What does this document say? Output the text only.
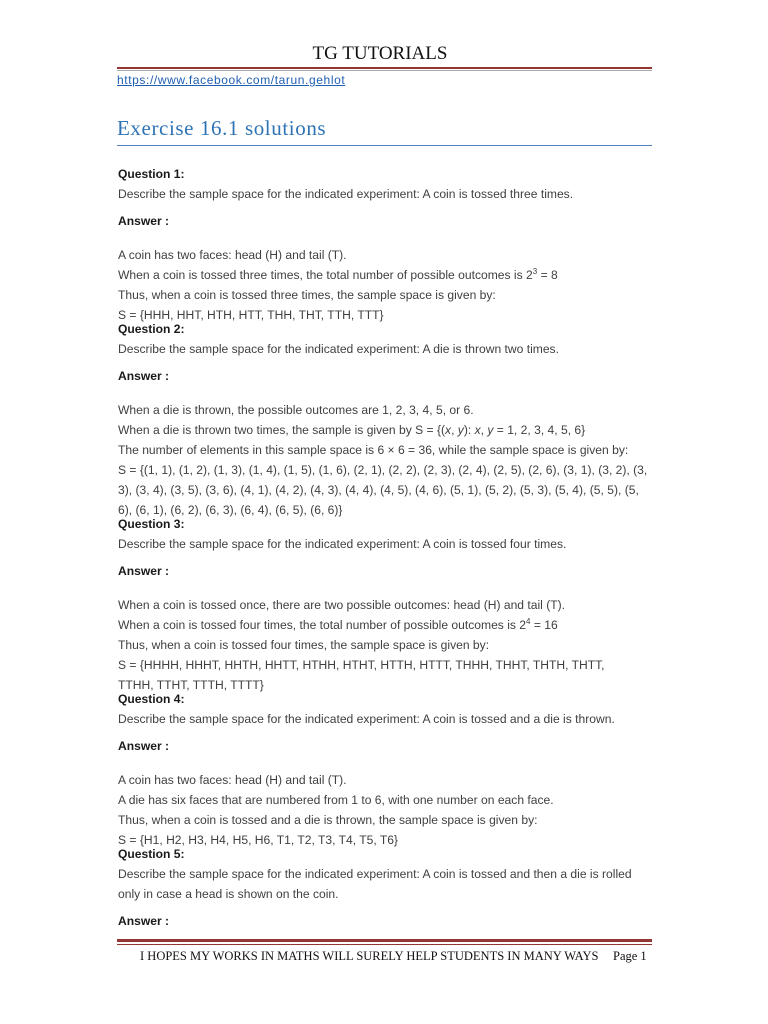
TG TUTORIALS
https://www.facebook.com/tarun.gehlot
Exercise 16.1 solutions
Question 1:
Describe the sample space for the indicated experiment: A coin is tossed three times.
Answer :
A coin has two faces: head (H) and tail (T).
When a coin is tossed three times, the total number of possible outcomes is $2^3 = 8$
Thus, when a coin is tossed three times, the sample space is given by:
S = {HHH, HHT, HTH, HTT, THH, THT, TTH, TTT}
Question 2:
Describe the sample space for the indicated experiment: A die is thrown two times.
Answer :
When a die is thrown, the possible outcomes are 1, 2, 3, 4, 5, or 6.
When a die is thrown two times, the sample is given by S = {(x, y): x, y = 1, 2, 3, 4, 5, 6}
The number of elements in this sample space is 6 × 6 = 36, while the sample space is given by:
S = {(1, 1), (1, 2), (1, 3), (1, 4), (1, 5), (1, 6), (2, 1), (2, 2), (2, 3), (2, 4), (2, 5), (2, 6), (3, 1), (3, 2), (3, 3), (3, 4), (3, 5), (3, 6), (4, 1), (4, 2), (4, 3), (4, 4), (4, 5), (4, 6), (5, 1), (5, 2), (5, 3), (5, 4), (5, 5), (5, 6), (6, 1), (6, 2), (6, 3), (6, 4), (6, 5), (6, 6)}
Question 3:
Describe the sample space for the indicated experiment: A coin is tossed four times.
Answer :
When a coin is tossed once, there are two possible outcomes: head (H) and tail (T).
When a coin is tossed four times, the total number of possible outcomes is $2^4 = 16$
Thus, when a coin is tossed four times, the sample space is given by:
S = {HHHH, HHHT, HHTH, HHTT, HTHH, HTHT, HTTH, HTTT, THHH, THHT, THTH, THTT, TTHH, TTHT, TTTH, TTTT}
Question 4:
Describe the sample space for the indicated experiment: A coin is tossed and a die is thrown.
Answer :
A coin has two faces: head (H) and tail (T).
A die has six faces that are numbered from 1 to 6, with one number on each face.
Thus, when a coin is tossed and a die is thrown, the sample space is given by:
S = {H1, H2, H3, H4, H5, H6, T1, T2, T3, T4, T5, T6}
Question 5:
Describe the sample space for the indicated experiment: A coin is tossed and then a die is rolled only in case a head is shown on the coin.
Answer :
I HOPES MY WORKS IN MATHS WILL SURELY HELP STUDENTS IN MANY WAYS Page 1
